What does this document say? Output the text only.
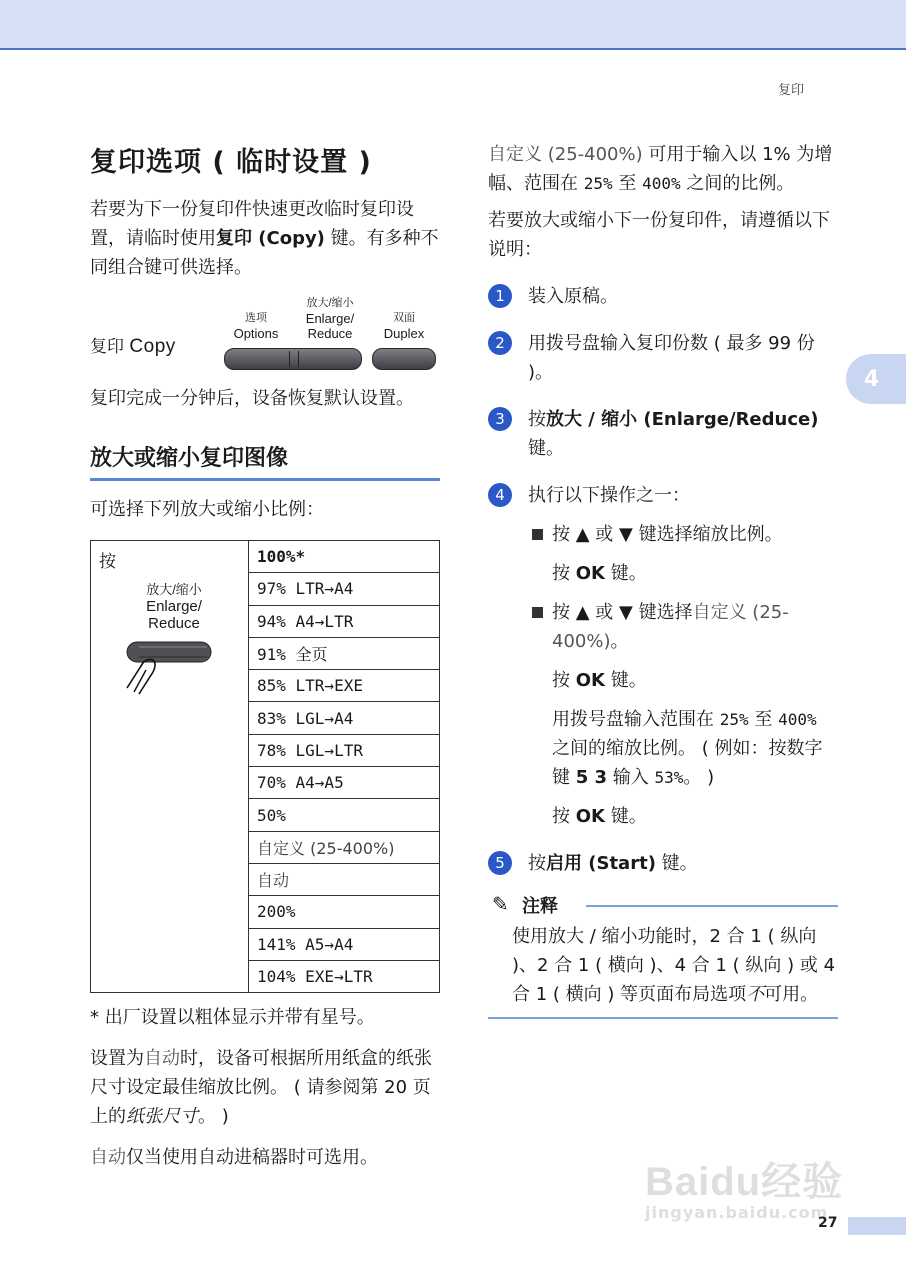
复印
4
复印选项 ( 临时设置 )

若要为下一份复印件快速更改临时复印设置，请临时使用复印 (Copy) 键。有多种不同组合键可供选择。

复印 Copy
选项
Options
放大/缩小
Enlarge/
Reduce
双面
Duplex

复印完成一分钟后，设备恢复默认设置。

放大或缩小复印图像

可选择下列放大或缩小比例：

按
放大/缩小
Enlarge/
Reduce
	100%*
97% LTR→A4
94% A4→LTR
91% 全页
85% LTR→EXE
83% LGL→A4
78% LGL→LTR
70% A4→A5
50%
自定义 (25-400%)
自动
200%
141% A5→A4
104% EXE→LTR

* 出厂设置以粗体显示并带有星号。

设置为自动时，设备可根据所用纸盒的纸张尺寸设定最佳缩放比例。 ( 请参阅第 20 页上的纸张尺寸。 )

自动仅当使用自动进稿器时可选用。

自定义 (25-400%) 可用于输入以 1% 为增幅、范围在 25% 至 400% 之间的比例。

若要放大或缩小下一份复印件，请遵循以下说明：

1	装入原稿。

2	用拨号盘输入复印份数 ( 最多 99 份 )。

3	按放大 / 缩小 (Enlarge/Reduce) 键。

4	执行以下操作之一：

按 ▲ 或 ▼ 键选择缩放比例。

按 OK 键。

按 ▲ 或 ▼ 键选择自定义 (25-400%)。

按 OK 键。

用拨号盘输入范围在 25% 至 400% 之间的缩放比例。 ( 例如：按数字键 5 3 输入 53%。 )

按 OK 键。

5	按启用 (Start) 键。

✎ 注释

使用放大 / 缩小功能时，2 合 1 ( 纵向 )、2 合 1 ( 横向 )、4 合 1 ( 纵向 ) 或 4 合 1 ( 横向 ) 等页面布局选项不可用。

Baidu经验
jingyan.baidu.com
27
